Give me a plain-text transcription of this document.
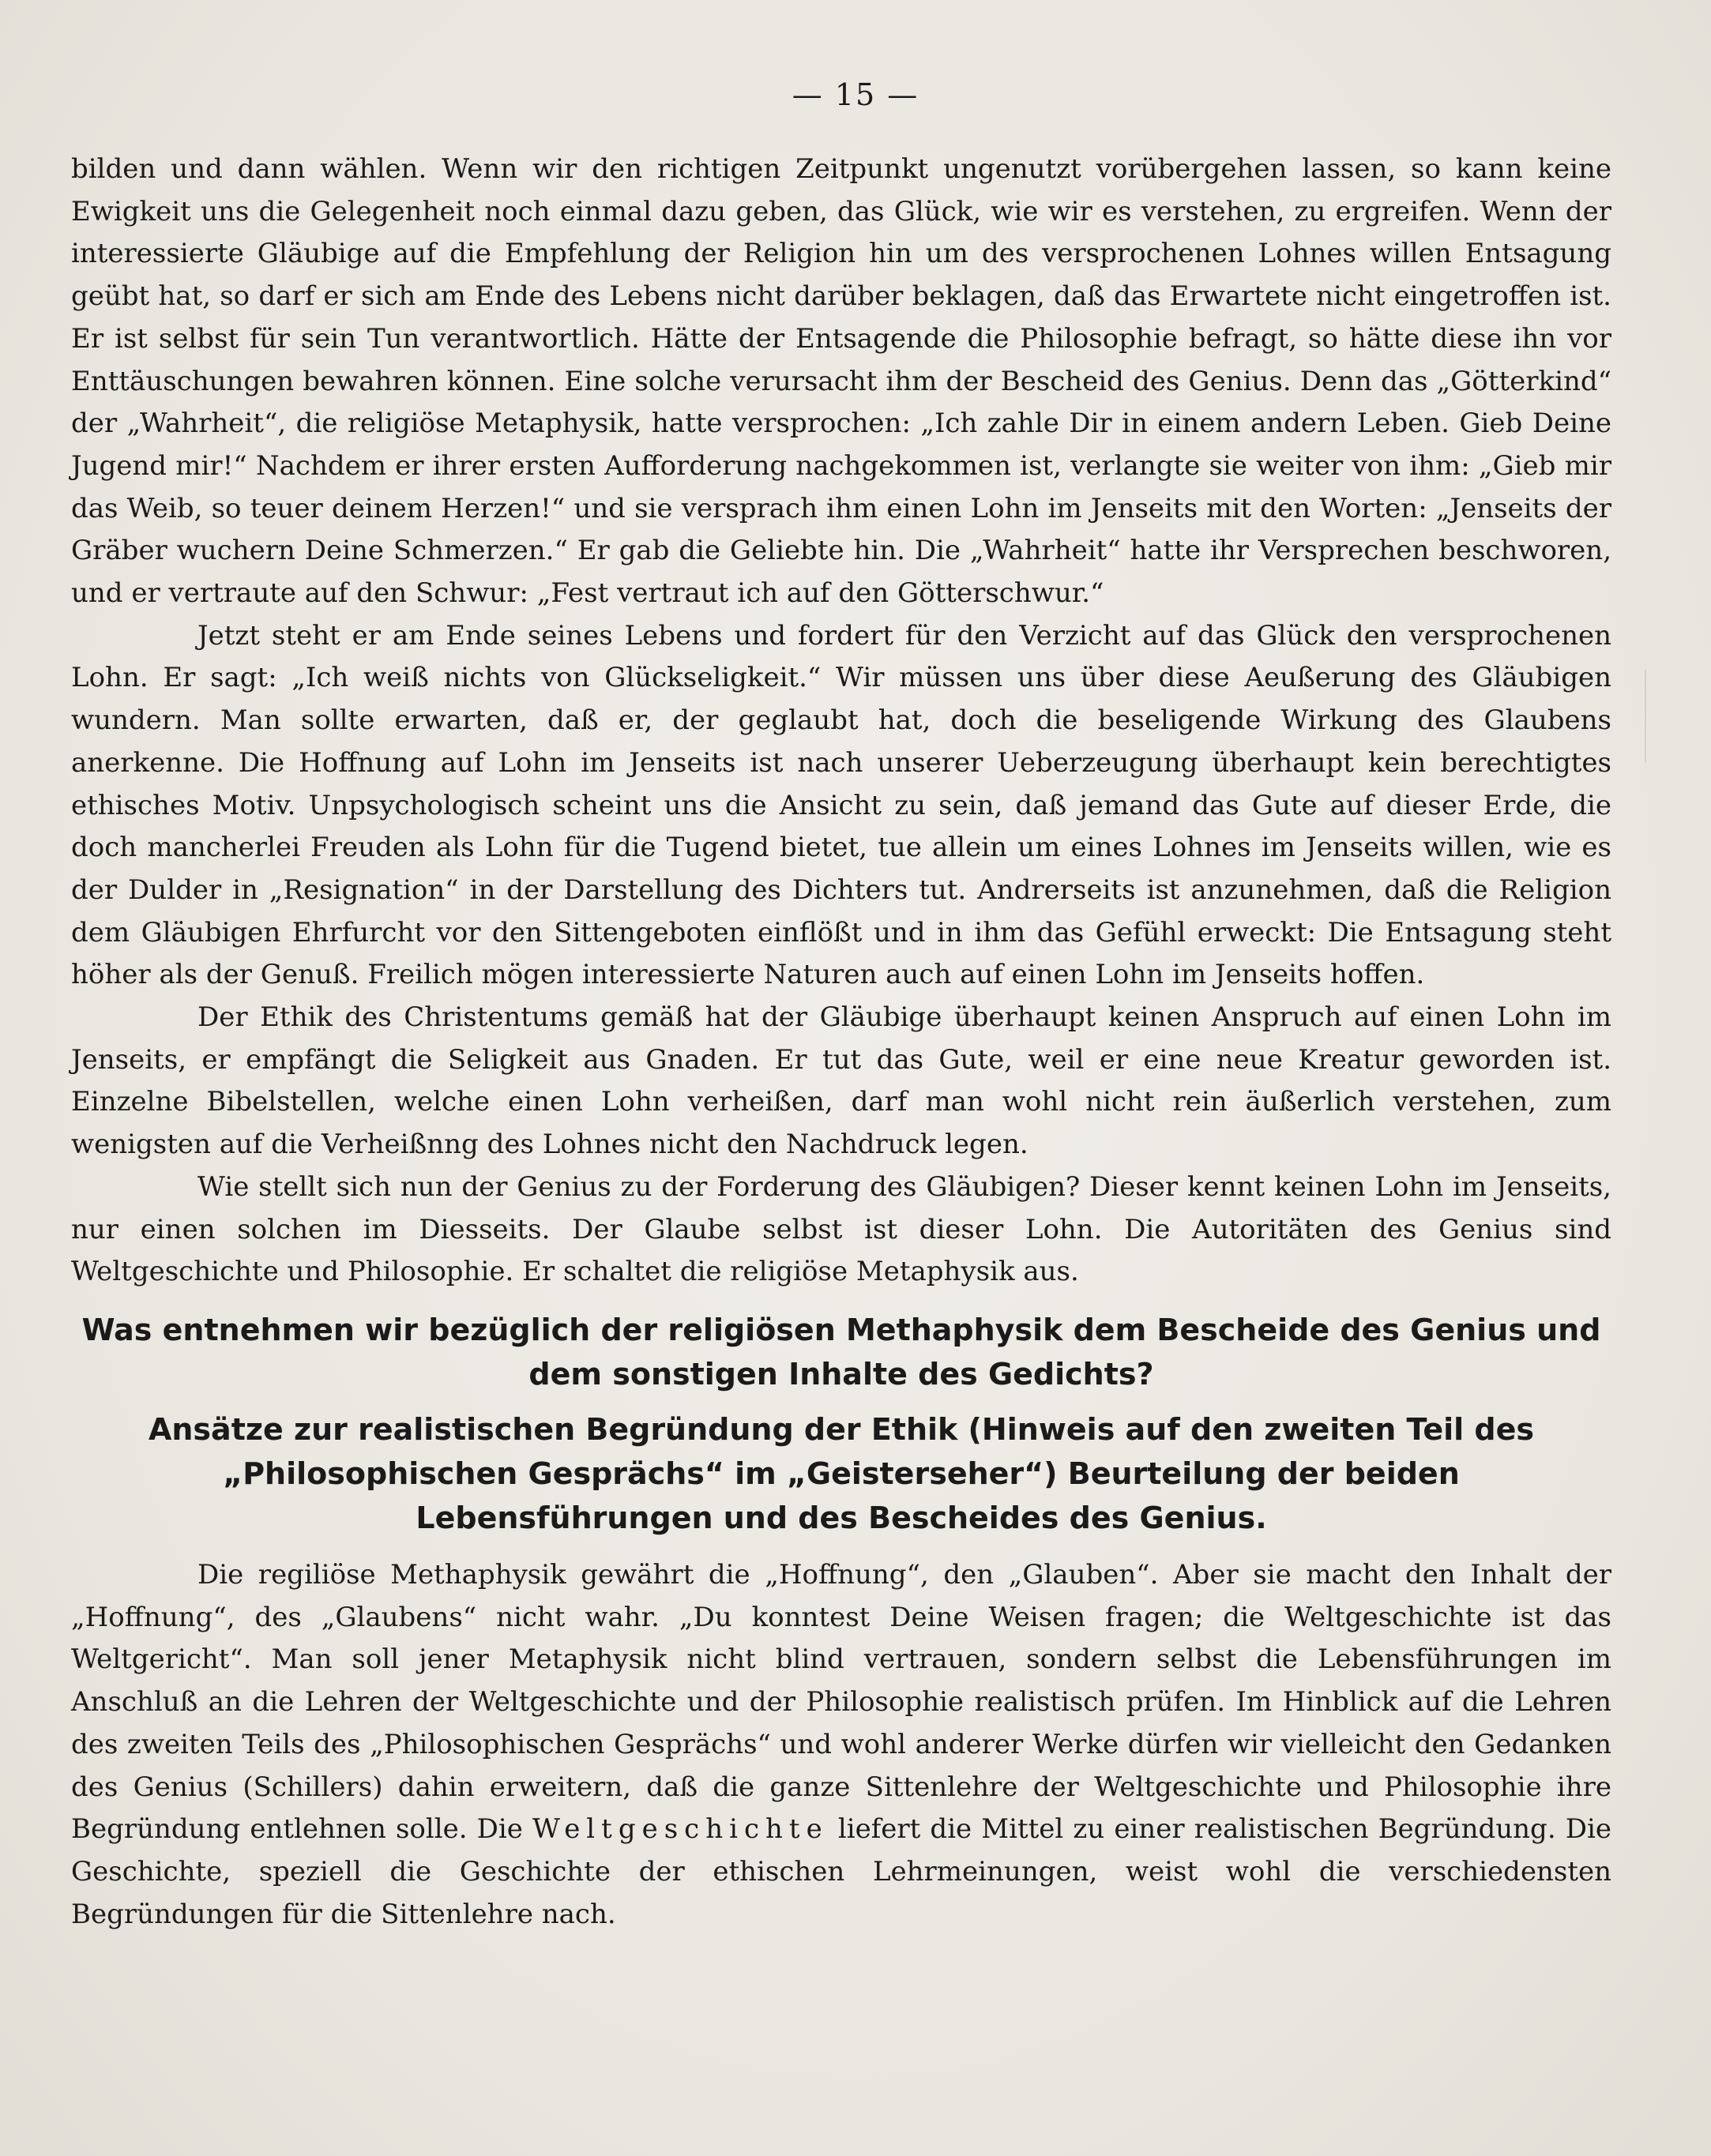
— 15 —

bilden und dann wählen. Wenn wir den richtigen Zeitpunkt ungenutzt vorübergehen lassen, so kann keine Ewigkeit uns die Gelegenheit noch einmal dazu geben, das Glück, wie wir es verstehen, zu ergreifen. Wenn der interessierte Gläubige auf die Empfehlung der Religion hin um des versprochenen Lohnes willen Entsagung geübt hat, so darf er sich am Ende des Lebens nicht darüber beklagen, daß das Erwartete nicht eingetroffen ist. Er ist selbst für sein Tun verantwortlich. Hätte der Entsagende die Philosophie befragt, so hätte diese ihn vor Enttäuschungen bewahren können. Eine solche verursacht ihm der Bescheid des Genius. Denn das „Götterkind“ der „Wahrheit“, die religiöse Metaphysik, hatte versprochen: „Ich zahle Dir in einem andern Leben. Gieb Deine Jugend mir!“ Nachdem er ihrer ersten Aufforderung nachgekommen ist, verlangte sie weiter von ihm: „Gieb mir das Weib, so teuer deinem Herzen!“ und sie versprach ihm einen Lohn im Jenseits mit den Worten: „Jenseits der Gräber wuchern Deine Schmerzen.“ Er gab die Geliebte hin. Die „Wahrheit“ hatte ihr Versprechen beschworen, und er vertraute auf den Schwur: „Fest vertraut ich auf den Götterschwur.“

Jetzt steht er am Ende seines Lebens und fordert für den Verzicht auf das Glück den versprochenen Lohn. Er sagt: „Ich weiß nichts von Glückseligkeit.“ Wir müssen uns über diese Aeußerung des Gläubigen wundern. Man sollte erwarten, daß er, der geglaubt hat, doch die beseligende Wirkung des Glaubens anerkenne. Die Hoffnung auf Lohn im Jenseits ist nach unserer Ueberzeugung überhaupt kein berechtigtes ethisches Motiv. Unpsychologisch scheint uns die Ansicht zu sein, daß jemand das Gute auf dieser Erde, die doch mancherlei Freuden als Lohn für die Tugend bietet, tue allein um eines Lohnes im Jenseits willen, wie es der Dulder in „Resignation“ in der Darstellung des Dichters tut. Andrerseits ist anzunehmen, daß die Religion dem Gläubigen Ehrfurcht vor den Sittengeboten einflößt und in ihm das Gefühl erweckt: Die Entsagung steht höher als der Genuß. Freilich mögen interessierte Naturen auch auf einen Lohn im Jenseits hoffen.

Der Ethik des Christentums gemäß hat der Gläubige überhaupt keinen Anspruch auf einen Lohn im Jenseits, er empfängt die Seligkeit aus Gnaden. Er tut das Gute, weil er eine neue Kreatur geworden ist. Einzelne Bibelstellen, welche einen Lohn verheißen, darf man wohl nicht rein äußerlich verstehen, zum wenigsten auf die Verheißnng des Lohnes nicht den Nachdruck legen.

Wie stellt sich nun der Genius zu der Forderung des Gläubigen? Dieser kennt keinen Lohn im Jenseits, nur einen solchen im Diesseits. Der Glaube selbst ist dieser Lohn. Die Autoritäten des Genius sind Weltgeschichte und Philosophie. Er schaltet die religiöse Metaphysik aus.

Was entnehmen wir bezüglich der religiösen Methaphysik dem Bescheide des Genius und dem sonstigen Inhalte des Gedichts?
Ansätze zur realistischen Begründung der Ethik (Hinweis auf den zweiten Teil des „Philosophischen Gesprächs“ im „Geisterseher“) Beurteilung der beiden Lebensführungen und des Bescheides des Genius.

Die regiliöse Methaphysik gewährt die „Hoffnung“, den „Glauben“. Aber sie macht den Inhalt der „Hoffnung“, des „Glaubens“ nicht wahr. „Du konntest Deine Weisen fragen; die Weltgeschichte ist das Weltgericht“. Man soll jener Metaphysik nicht blind vertrauen, sondern selbst die Lebensführungen im Anschluß an die Lehren der Weltgeschichte und der Philosophie realistisch prüfen. Im Hinblick auf die Lehren des zweiten Teils des „Philosophischen Gesprächs“ und wohl anderer Werke dürfen wir vielleicht den Gedanken des Genius (Schillers) dahin erweitern, daß die ganze Sittenlehre der Weltgeschichte und Philosophie ihre Begründung entlehnen solle. Die Weltgeschichte liefert die Mittel zu einer realistischen Begründung. Die Geschichte, speziell die Geschichte der ethischen Lehrmeinungen, weist wohl die verschiedensten Begründungen für die Sittenlehre nach.
